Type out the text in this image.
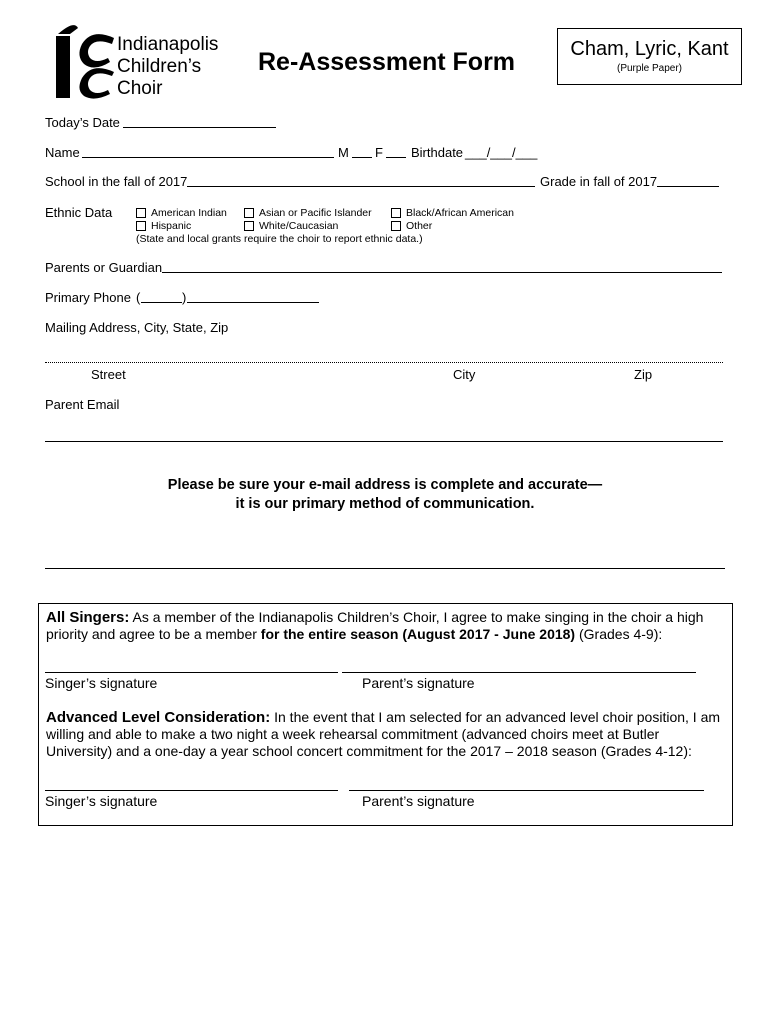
Indianapolis
Children’s
Choir
Re-Assessment Form	Cham, Lyric, Kant
(Purple Paper)
Today’s Date
Name	M F Birthdate ___/___/___
School in the fall of 2017	Grade in fall of 2017
Ethnic Data	American Indian	Asian or Pacific Islander	Black/African American
Hispanic	White/Caucasian	Other
(State and local grants require the choir to report ethnic data.)
Parents or Guardian
Primary Phone (	)
Mailing Address, City, State, Zip
Street	City	Zip
Parent Email
Please be sure your e-mail address is complete and accurate—
it is our primary method of communication.
All Singers: As a member of the Indianapolis Children’s Choir, I agree to make singing in the choir a high priority and agree to be a member for the entire season (August 2017 - June 2018) (Grades 4-9):
Singer’s signature	Parent’s signature
Advanced Level Consideration: In the event that I am selected for an advanced level choir position, I am willing and able to make a two night a week rehearsal commitment (advanced choirs meet at Butler University) and a one-day a year school concert commitment for the 2017 – 2018 season (Grades 4-12):
Singer’s signature	Parent’s signature
